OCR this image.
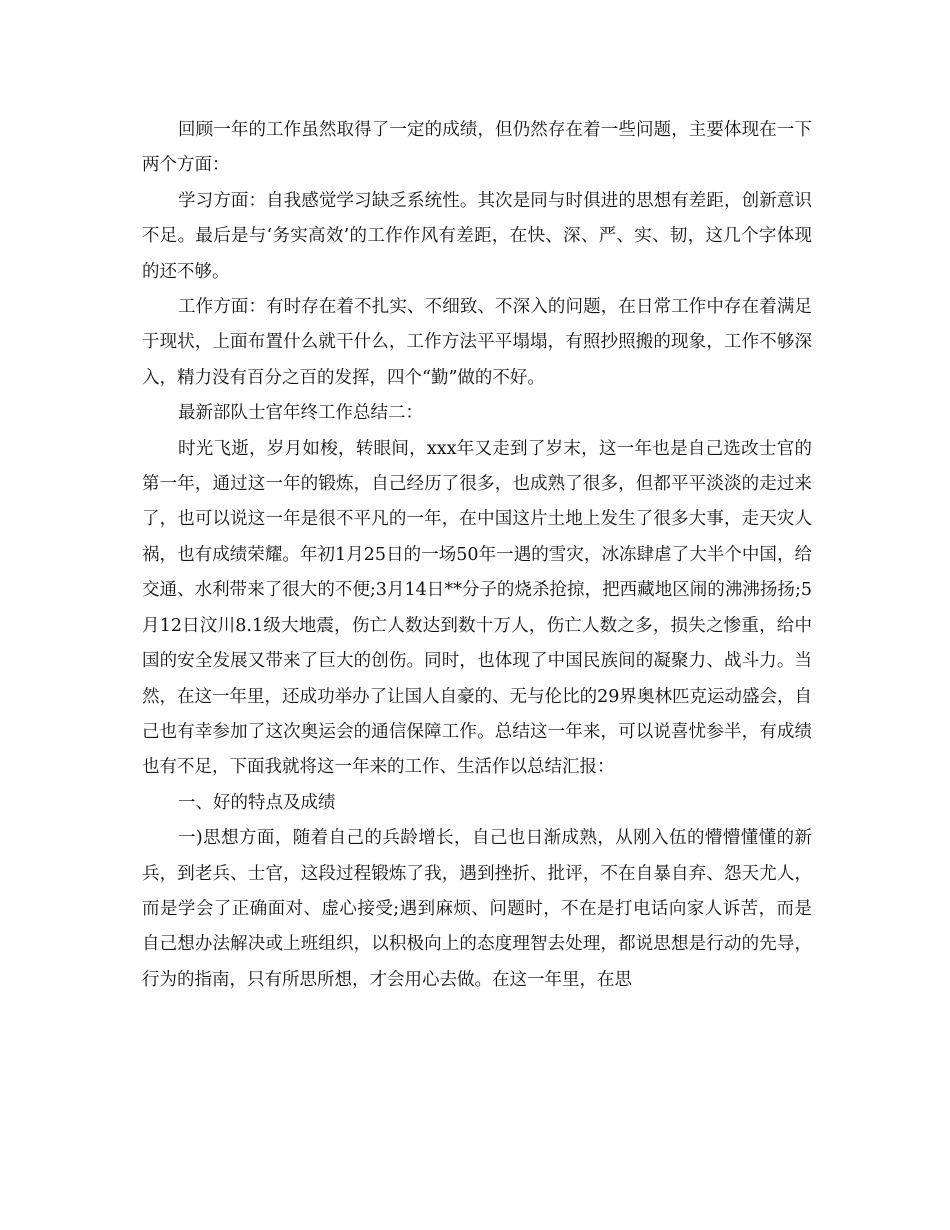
回顾一年的工作虽然取得了一定的成绩，但仍然存在着一些问题，主要体现在一下两个方面：

学习方面：自我感觉学习缺乏系统性。其次是同与时俱进的思想有差距，创新意识不足。最后是与‘务实高效’的工作作风有差距，在快、深、严、实、韧，这几个字体现的还不够。

工作方面：有时存在着不扎实、不细致、不深入的问题，在日常工作中存在着满足于现状，上面布置什么就干什么，工作方法平平塌塌，有照抄照搬的现象，工作不够深入，精力没有百分之百的发挥，四个“勤”做的不好。

最新部队士官年终工作总结二：

时光飞逝，岁月如梭，转眼间，xxx年又走到了岁末，这一年也是自己选改士官的第一年，通过这一年的锻炼，自己经历了很多，也成熟了很多，但都平平淡淡的走过来了，也可以说这一年是很不平凡的一年，在中国这片土地上发生了很多大事，走天灾人祸，也有成绩荣耀。年初1月25日的一场50年一遇的雪灾，冰冻肆虐了大半个中国，给交通、水利带来了很大的不便;3月14日**分子的烧杀抢掠，把西藏地区闹的沸沸扬扬;5月12日汶川8.1级大地震，伤亡人数达到数十万人，伤亡人数之多，损失之惨重，给中国的安全发展又带来了巨大的创伤。同时，也体现了中国民族间的凝聚力、战斗力。当然，在这一年里，还成功举办了让国人自豪的、无与伦比的29界奥林匹克运动盛会，自己也有幸参加了这次奥运会的通信保障工作。总结这一年来，可以说喜忧参半，有成绩也有不足，下面我就将这一年来的工作、生活作以总结汇报：

一、好的特点及成绩

一)思想方面，随着自己的兵龄增长，自己也日渐成熟，从刚入伍的懵懵懂懂的新兵，到老兵、士官，这段过程锻炼了我，遇到挫折、批评，不在自暴自弃、怨天尤人，而是学会了正确面对、虚心接受;遇到麻烦、问题时，不在是打电话向家人诉苦，而是自己想办法解决或上班组织，以积极向上的态度理智去处理，都说思想是行动的先导，行为的指南，只有所思所想，才会用心去做。在这一年里，在思
